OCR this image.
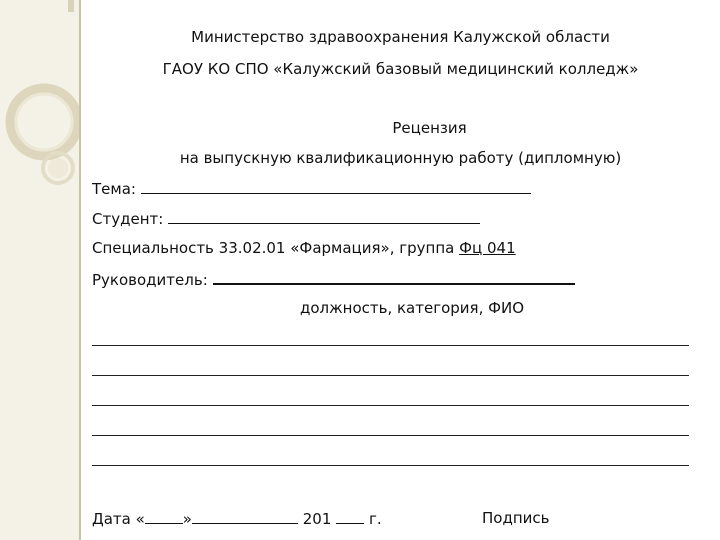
Министерство здравоохранения Калужской области
ГАОУ КО СПО «Калужский базовый медицинский колледж»
Рецензия
на выпускную квалификационную работу (дипломную)
Тема:
Студент:
Специальность 33.02.01 «Фармация», группа Фц 041
Руководитель:
должность, категория, ФИО
Дата «	»	201	г.	Подпись
